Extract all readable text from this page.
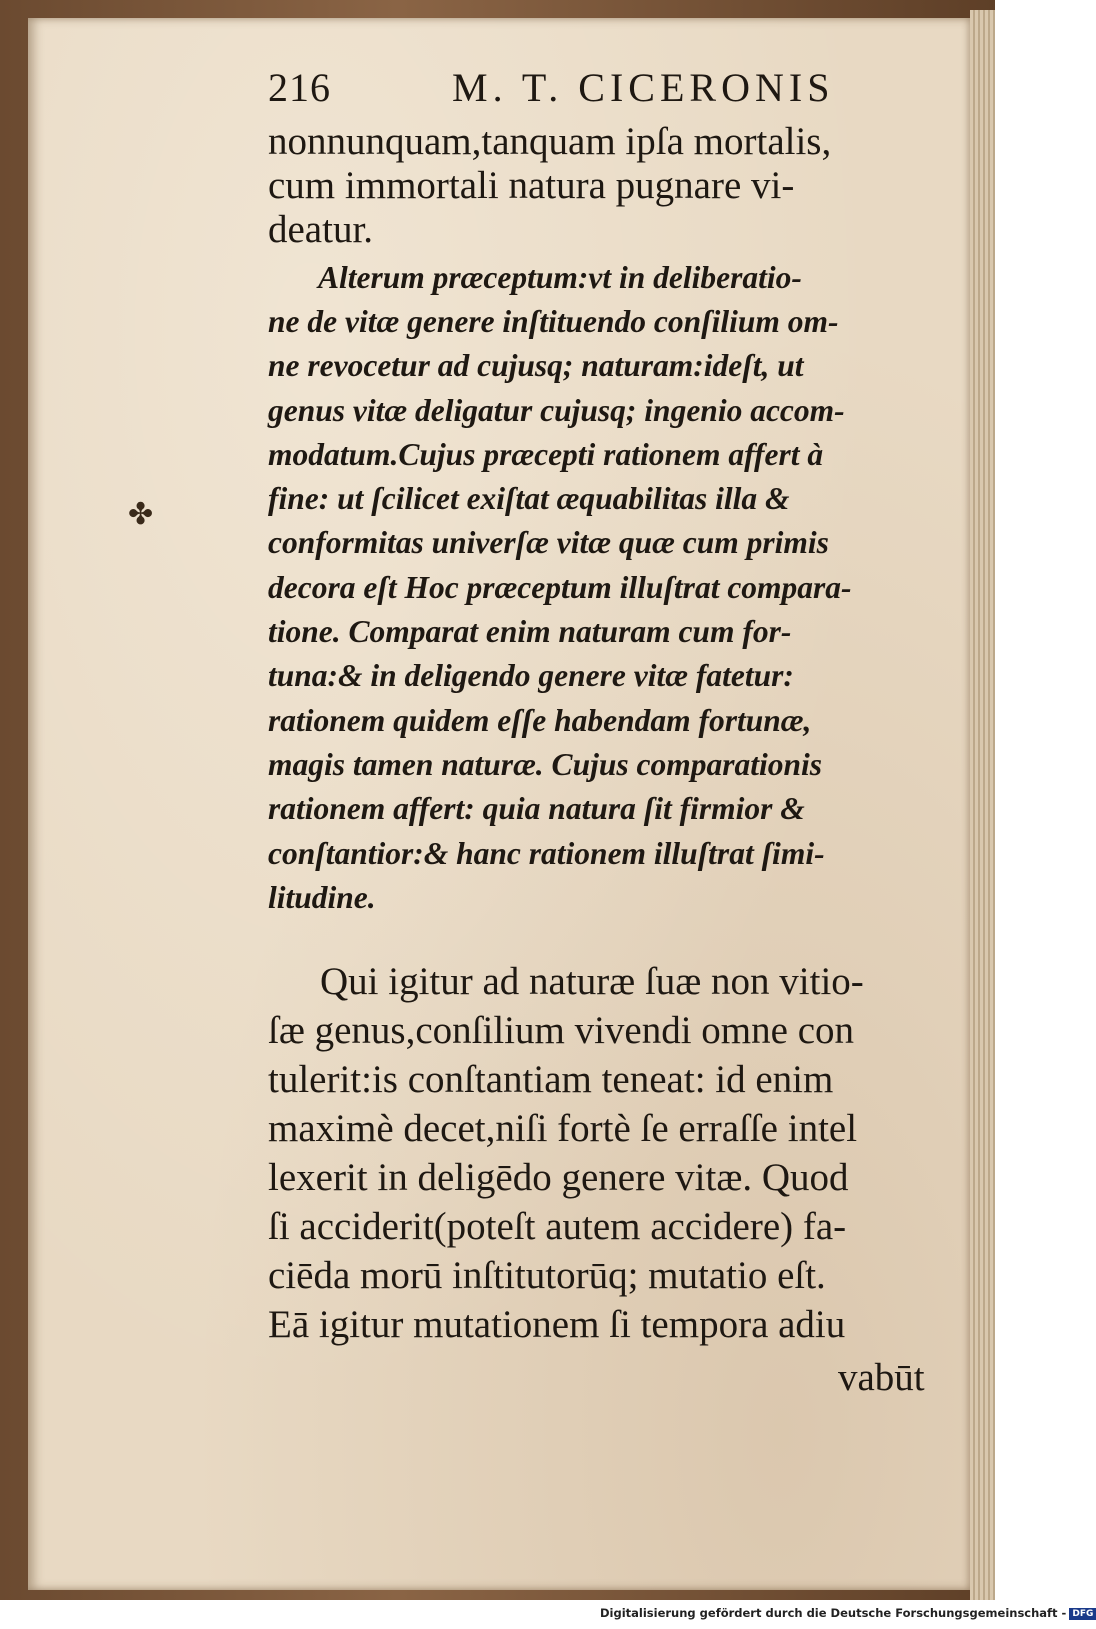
216	M. T. CICERONIS
nonnunquam,tanquam ipſa mortalis,
cum immortali natura pugnare vi-
deatur.
Alterum præceptum:vt in deliberatio-
ne de vitæ genere inſtituendo conſilium om-
ne revocetur ad cujusq; naturam:ideſt, ut
genus vitæ deligatur cujusq; ingenio accom-
modatum.Cujus præcepti rationem affert à
fine: ut ſcilicet exiſtat æquabilitas illa &
conformitas univerſæ vitæ quæ cum primis
decora eſt Hoc præceptum illuſtrat compara-
tione. Comparat enim naturam cum for-
tuna:& in deligendo genere vitæ fatetur:
rationem quidem eſſe habendam fortunæ,
magis tamen naturæ. Cujus comparationis
rationem affert: quia natura ſit firmior &
conſtantior:& hanc rationem illuſtrat ſimi-
litudine.
✤
Qui igitur ad naturæ ſuæ non vitio-
ſæ genus,conſilium vivendi omne con
tulerit:is conſtantiam teneat: id enim
maximè decet,niſi fortè ſe erraſſe intel
lexerit in deligēdo genere vitæ. Quod
ſi acciderit(poteſt autem accidere) fa-
ciēda morū inſtitutorūq; mutatio eſt.
Eā igitur mutationem ſi tempora adiu
vabūt
Digitalisierung gefördert durch die Deutsche Forschungsgemeinschaft - DFG
